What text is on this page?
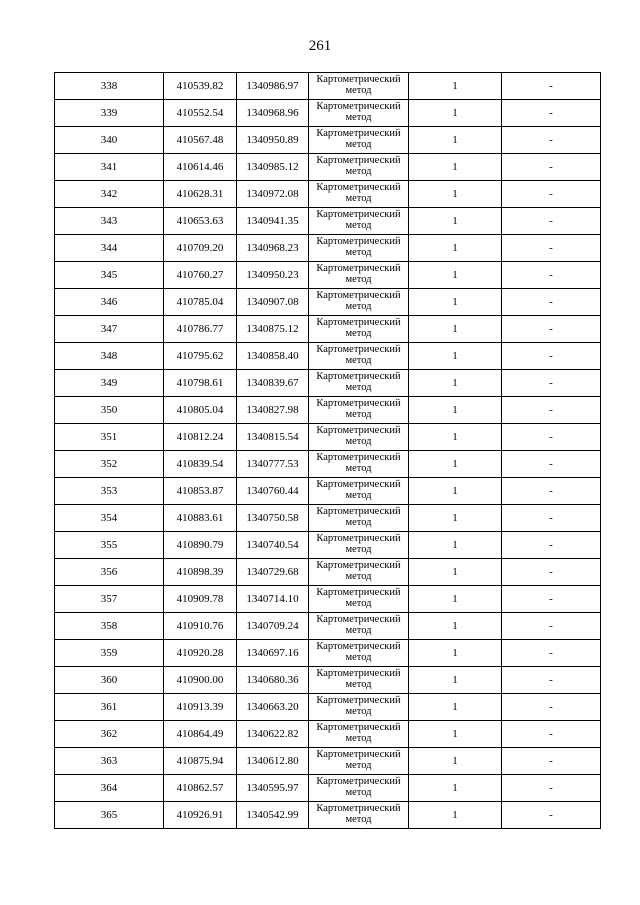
261
338	410539.82	1340986.97	Картометрический метод	1	-
339	410552.54	1340968.96	Картометрический метод	1	-
340	410567.48	1340950.89	Картометрический метод	1	-
341	410614.46	1340985.12	Картометрический метод	1	-
342	410628.31	1340972.08	Картометрический метод	1	-
343	410653.63	1340941.35	Картометрический метод	1	-
344	410709.20	1340968.23	Картометрический метод	1	-
345	410760.27	1340950.23	Картометрический метод	1	-
346	410785.04	1340907.08	Картометрический метод	1	-
347	410786.77	1340875.12	Картометрический метод	1	-
348	410795.62	1340858.40	Картометрический метод	1	-
349	410798.61	1340839.67	Картометрический метод	1	-
350	410805.04	1340827.98	Картометрический метод	1	-
351	410812.24	1340815.54	Картометрический метод	1	-
352	410839.54	1340777.53	Картометрический метод	1	-
353	410853.87	1340760.44	Картометрический метод	1	-
354	410883.61	1340750.58	Картометрический метод	1	-
355	410890.79	1340740.54	Картометрический метод	1	-
356	410898.39	1340729.68	Картометрический метод	1	-
357	410909.78	1340714.10	Картометрический метод	1	-
358	410910.76	1340709.24	Картометрический метод	1	-
359	410920.28	1340697.16	Картометрический метод	1	-
360	410900.00	1340680.36	Картометрический метод	1	-
361	410913.39	1340663.20	Картометрический метод	1	-
362	410864.49	1340622.82	Картометрический метод	1	-
363	410875.94	1340612.80	Картометрический метод	1	-
364	410862.57	1340595.97	Картометрический метод	1	-
365	410926.91	1340542.99	Картометрический метод	1	-
